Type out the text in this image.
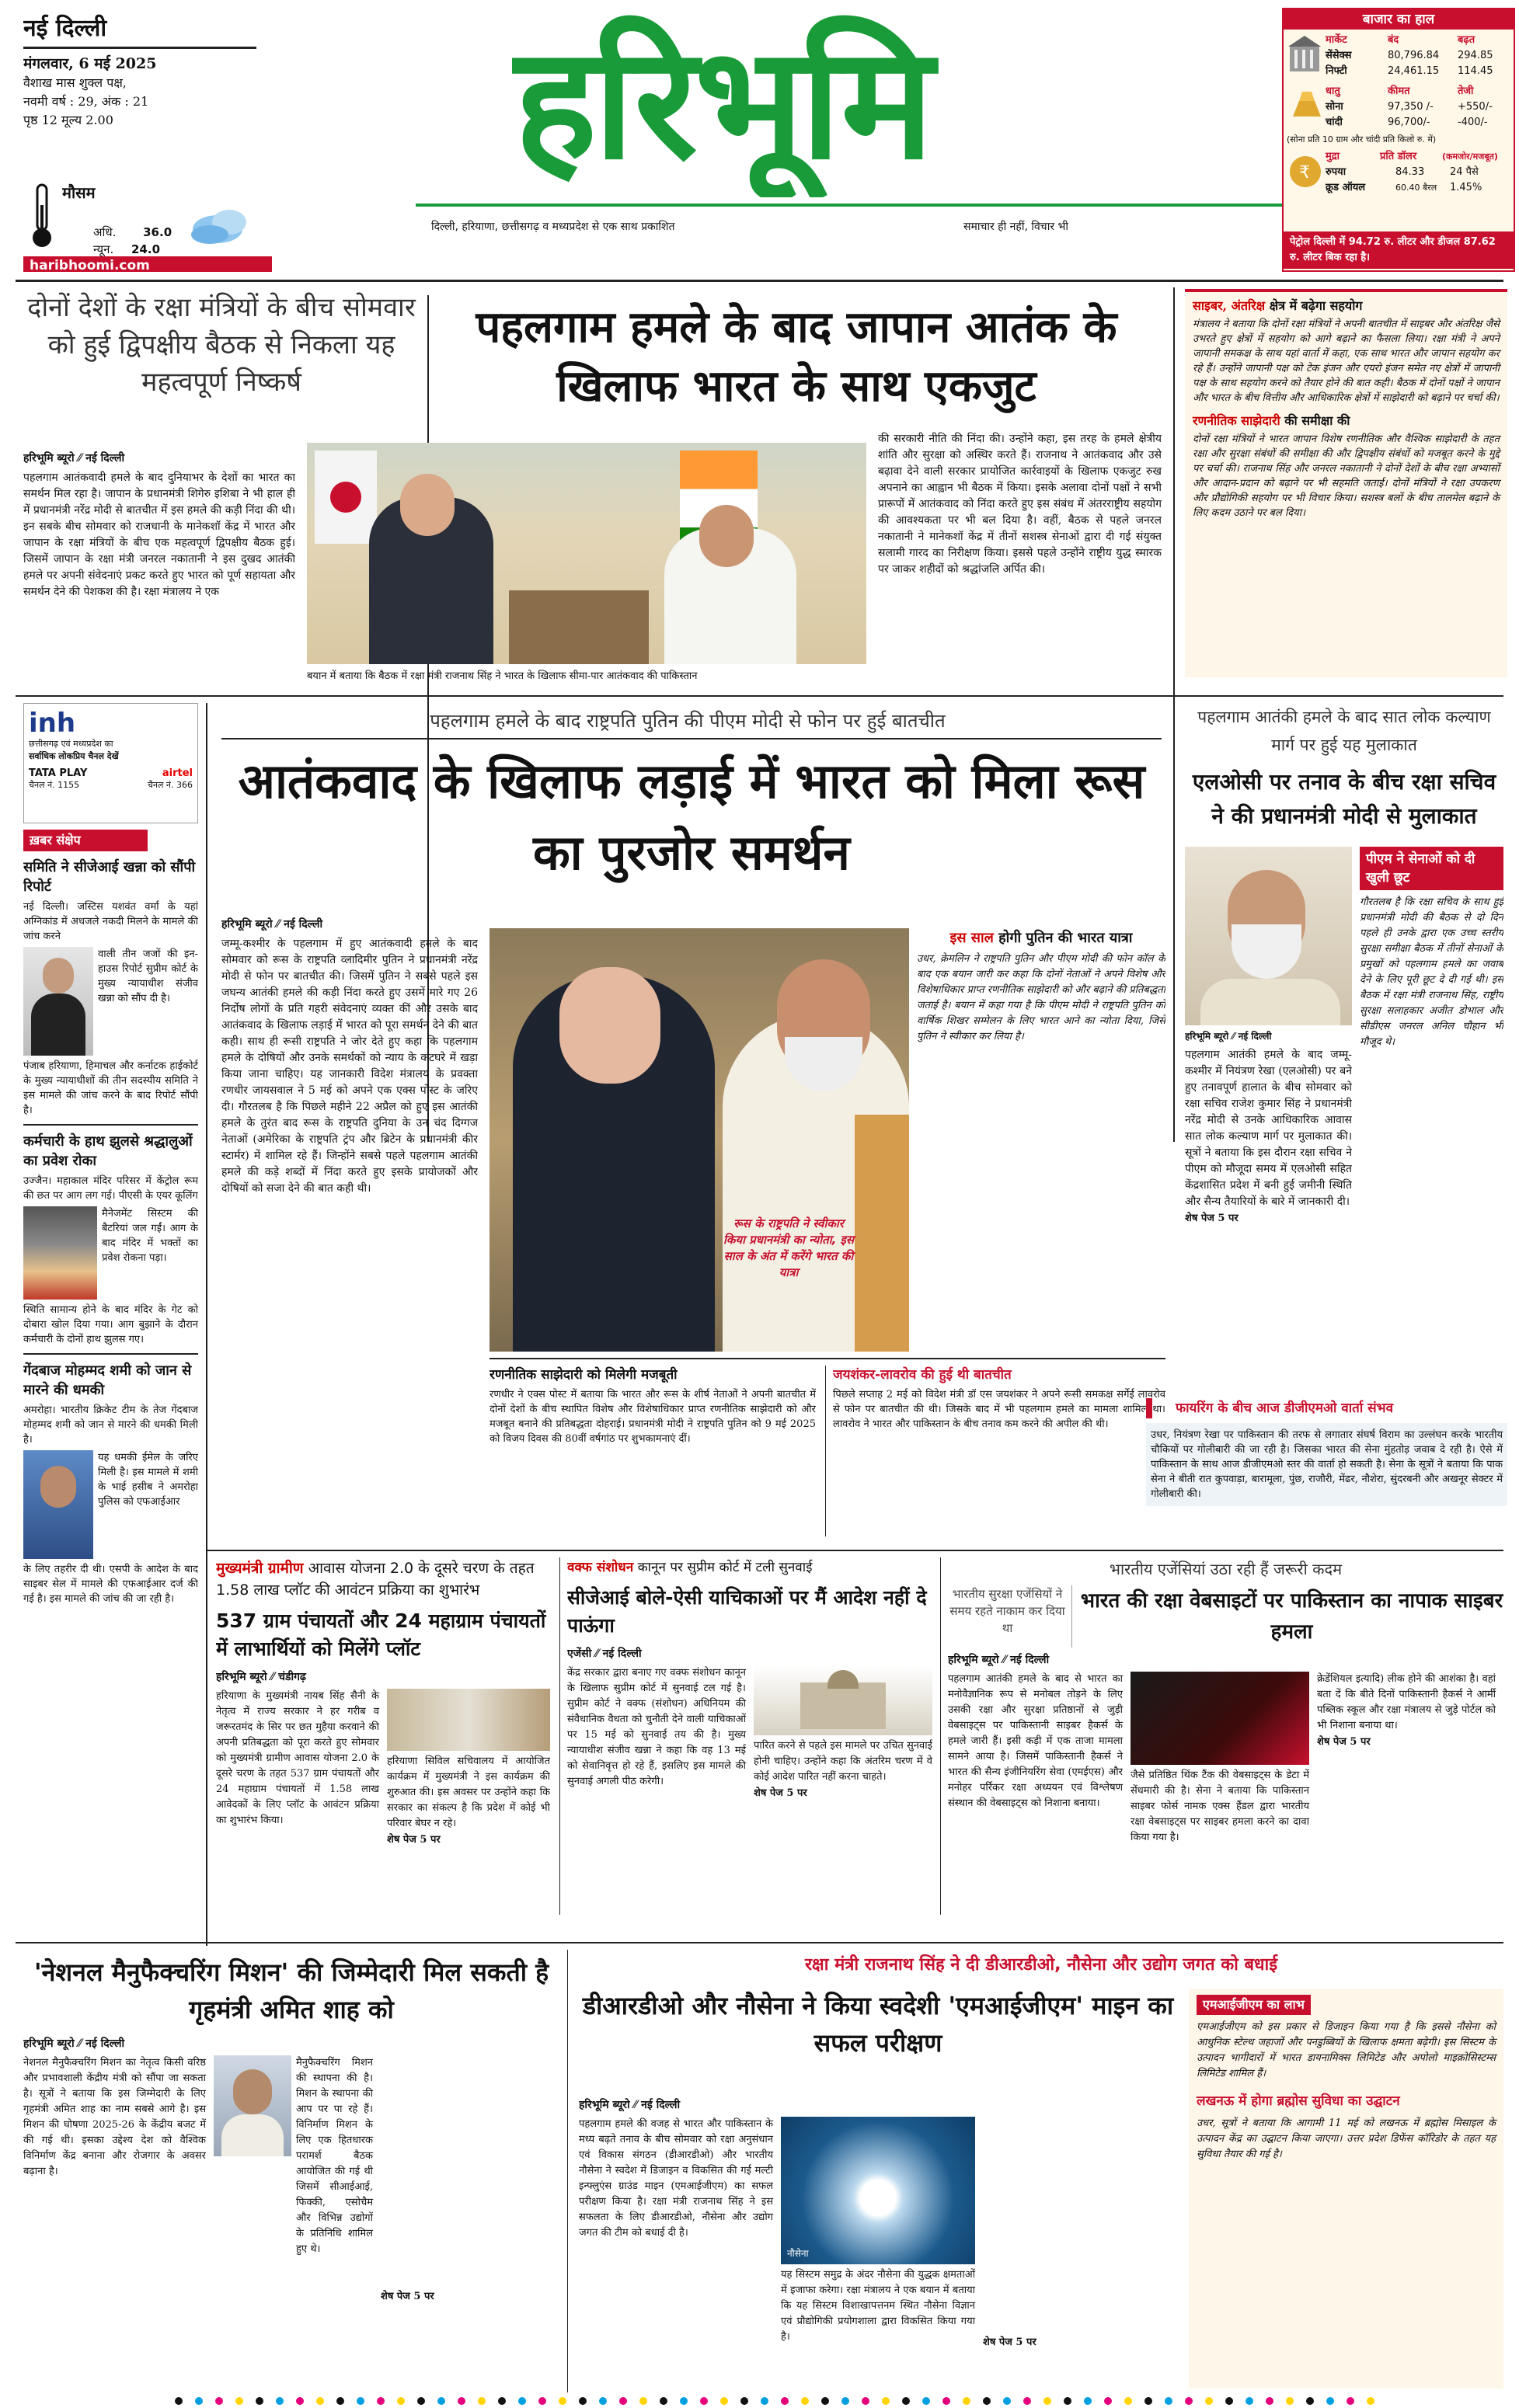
नई दिल्ली
मंगलवार, 6 मई 2025
वैशाख मास शुक्ल पक्ष,
नवमी वर्ष : 29, अंक : 21
पृष्ठ 12 मूल्य 2.00
मौसम
अधि. 36.0
न्यून. 24.0
haribhoomi.com
हरिभूमि
दिल्ली, हरियाणा, छत्तीसगढ़ व मध्यप्रदेश से एक साथ प्रकाशित	समाचार ही नहीं, विचार भी
बाजार का हाल
मार्केट	बंद	बढ़त
सेंसेक्स	80,796.84	294.85
निफ्टी	24,461.15	114.45
धातु	कीमत	तेजी
सोना	97,350 /-	+550/-
चांदी	96,700/-	-400/-
(सोना प्रति 10 ग्राम और चांदी प्रति किलो रु. में)
₹
मुद्रा	प्रति डॉलर	(कमजोर/मजबूत)
रुपया	84.33	24 पैसे
क्रूड ऑयल	60.40 बैरल	1.45%
पेट्रोल दिल्ली में 94.72 रु. लीटर और डीजल 87.62 रु. लीटर बिक रहा है।
दोनों देशों के रक्षा मंत्रियों के बीच सोमवार को हुई द्विपक्षीय बैठक से निकला यह महत्वपूर्ण निष्कर्ष
पहलगाम हमले के बाद जापान आतंक के खिलाफ भारत के साथ एकजुट
हरिभूमि ब्यूरो ⁄⁄ नई दिल्ली
पहलगाम आतंकवादी हमले के बाद दुनियाभर के देशों का भारत का समर्थन मिल रहा है। जापान के प्रधानमंत्री शिगेरु इशिबा ने भी हाल ही में प्रधानमंत्री नरेंद्र मोदी से बातचीत में इस हमले की कड़ी निंदा की थी। इन सबके बीच सोमवार को राजधानी के मानेकशॉ केंद्र में भारत और जापान के रक्षा मंत्रियों के बीच एक महत्वपूर्ण द्विपक्षीय बैठक हुई। जिसमें जापान के रक्षा मंत्री जनरल नकातानी ने इस दुखद आतंकी हमले पर अपनी संवेदनाएं प्रकट करते हुए भारत को पूर्ण सहायता और समर्थन देने की पेशकश की है। रक्षा मंत्रालय ने एक
बयान में बताया कि बैठक में रक्षा मंत्री राजनाथ सिंह ने भारत के खिलाफ सीमा-पार आतंकवाद की पाकिस्तान
की सरकारी नीति की निंदा की। उन्होंने कहा, इस तरह के हमले क्षेत्रीय शांति और सुरक्षा को अस्थिर करते हैं। राजनाथ ने आतंकवाद और उसे बढ़ावा देने वाली सरकार प्रायोजित कार्रवाइयों के खिलाफ एकजुट रुख अपनाने का आह्वान भी बैठक में किया। इसके अलावा दोनों पक्षों ने सभी प्रारूपों में आतंकवाद को निंदा करते हुए इस संबंध में अंतरराष्ट्रीय सहयोग की आवश्यकता पर भी बल दिया है। वहीं, बैठक से पहले जनरल नकातानी ने मानेकशॉ केंद्र में तीनों सशस्त्र सेनाओं द्वारा दी गई संयुक्त सलामी गारद का निरीक्षण किया। इससे पहले उन्होंने राष्ट्रीय युद्ध स्मारक पर जाकर शहीदों को श्रद्धांजलि अर्पित की।
साइबर, अंतरिक्ष क्षेत्र में बढ़ेगा सहयोग
मंत्रालय ने बताया कि दोनों रक्षा मंत्रियों ने अपनी बातचीत में साइबर और अंतरिक्ष जैसे उभरते हुए क्षेत्रों में सहयोग को आगे बढ़ाने का फैसला लिया। रक्षा मंत्री ने अपने जापानी समकक्ष के साथ यहां वार्ता में कहा, एक साथ भारत और जापान सहयोग कर रहे हैं। उन्होंने जापानी पक्ष को टेक इंजन और एयरो इंजन समेत नए क्षेत्रों में जापानी पक्ष के साथ सहयोग करने को तैयार होने की बात कही। बैठक में दोनों पक्षों ने जापान और भारत के बीच वित्तीय और आधिकारिक क्षेत्रों में साझेदारी को बढ़ाने पर चर्चा की।
रणनीतिक साझेदारी की समीक्षा की
दोनों रक्षा मंत्रियों ने भारत जापान विशेष रणनीतिक और वैश्विक साझेदारी के तहत रक्षा और सुरक्षा संबंधों की समीक्षा की और द्विपक्षीय संबंधों को मजबूत करने के मुद्दे पर चर्चा की। राजनाथ सिंह और जनरल नकातानी ने दोनों देशों के बीच रक्षा अभ्यासों और आदान-प्रदान को बढ़ाने पर भी सहमति जताई। दोनों मंत्रियों ने रक्षा उपकरण और प्रौद्योगिकी सहयोग पर भी विचार किया। सशस्त्र बलों के बीच तालमेल बढ़ाने के लिए कदम उठाने पर बल दिया।
inh
छत्तीसगढ़ एवं मध्यप्रदेश का
सर्वाधिक लोकप्रिय चैनल देखें
TATA PLAY	airtel
चैनल नं. 1155	चैनल नं. 366
ख़बर संक्षेप
समिति ने सीजेआई खन्ना को सौंपी रिपोर्ट
नई दिल्ली। जस्टिस यशवंत वर्मा के यहां अग्निकांड में अधजले नकदी मिलने के मामले की जांच करने
वाली तीन जजों की इन-हाउस रिपोर्ट सुप्रीम कोर्ट के मुख्य न्यायाधीश संजीव खन्ना को सौंप दी है।
पंजाब हरियाणा, हिमाचल और कर्नाटक हाईकोर्ट के मुख्य न्यायाधीशों की तीन सदस्यीय समिति ने इस मामले की जांच करने के बाद रिपोर्ट सौंपी है।
कर्मचारी के हाथ झुलसे श्रद्धालुओं का प्रवेश रोका
उज्जैन। महाकाल मंदिर परिसर में केंट्रोल रूम की छत पर आग लग गई। पीएसी के एयर कूलिंग
मैनेजमेंट सिस्टम की बैटरियां जल गईं। आग के बाद मंदिर में भक्तों का प्रवेश रोकना पड़ा।
स्थिति सामान्य होने के बाद मंदिर के गेट को दोबारा खोल दिया गया। आग बुझाने के दौरान कर्मचारी के दोनों हाथ झुलस गए।
गेंदबाज मोहम्मद शमी को जान से मारने की धमकी
अमरोहा। भारतीय क्रिकेट टीम के तेज गेंदबाज मोहम्मद शमी को जान से मारने की धमकी मिली है।
यह धमकी ईमेल के जरिए मिली है। इस मामले में शमी के भाई हसीब ने अमरोहा पुलिस को एफआईआर
के लिए तहरीर दी थी। एसपी के आदेश के बाद साइबर सेल में मामले की एफआईआर दर्ज की गई है। इस मामले की जांच की जा रही है।
पहलगाम हमले के बाद राष्ट्रपति पुतिन की पीएम मोदी से फोन पर हुई बातचीत
आतंकवाद के खिलाफ लड़ाई में भारत को मिला रूस का पुरजोर समर्थन
हरिभूमि ब्यूरो ⁄⁄ नई दिल्ली
जम्मू-कश्मीर के पहलगाम में हुए आतंकवादी हमले के बाद सोमवार को रूस के राष्ट्रपति व्लादिमीर पुतिन ने प्रधानमंत्री नरेंद्र मोदी से फोन पर बातचीत की। जिसमें पुतिन ने सबसे पहले इस जघन्य आतंकी हमले की कड़ी निंदा करते हुए उसमें मारे गए 26 निर्दोष लोगों के प्रति गहरी संवेदनाएं व्यक्त कीं और उसके बाद आतंकवाद के खिलाफ लड़ाई में भारत को पूरा समर्थन देने की बात कही। साथ ही रूसी राष्ट्रपति ने जोर देते हुए कहा कि पहलगाम हमले के दोषियों और उनके समर्थकों को न्याय के कटघरे में खड़ा किया जाना चाहिए। यह जानकारी विदेश मंत्रालय के प्रवक्ता रणधीर जायसवाल ने 5 मई को अपने एक एक्स पोस्ट के जरिए दी। गौरतलब है कि पिछले महीने 22 अप्रैल को हुए इस आतंकी हमले के तुरंत बाद रूस के राष्ट्रपति दुनिया के उन चंद दिग्गज नेताओं (अमेरिका के राष्ट्रपति ट्रंप और ब्रिटेन के प्रधानमंत्री कीर स्टार्मर) में शामिल रहे हैं। जिन्होंने सबसे पहले पहलगाम आतंकी हमले की कड़े शब्दों में निंदा करते हुए इसके प्रायोजकों और दोषियों को सजा देने की बात कही थी।
रूस के राष्ट्रपति ने स्वीकार किया प्रधानमंत्री का न्योता, इस साल के अंत में करेंगे भारत की यात्रा
इस साल होगी पुतिन की भारत यात्रा
उधर, क्रेमलिन ने राष्ट्रपति पुतिन और पीएम मोदी की फोन कॉल के बाद एक बयान जारी कर कहा कि दोनों नेताओं ने अपने विशेष और विशेषाधिकार प्राप्त रणनीतिक साझेदारी को और बढ़ाने की प्रतिबद्धता जताई है। बयान में कहा गया है कि पीएम मोदी ने राष्ट्रपति पुतिन को वार्षिक शिखर सम्मेलन के लिए भारत आने का न्योता दिया, जिसे पुतिन ने स्वीकार कर लिया है।
रणनीतिक साझेदारी को मिलेगी मजबूती
रणधीर ने एक्स पोस्ट में बताया कि भारत और रूस के शीर्ष नेताओं ने अपनी बातचीत में दोनों देशों के बीच स्थापित विशेष और विशेषाधिकार प्राप्त रणनीतिक साझेदारी को और मजबूत बनाने की प्रतिबद्धता दोहराई। प्रधानमंत्री मोदी ने राष्ट्रपति पुतिन को 9 मई 2025 को विजय दिवस की 80वीं वर्षगांठ पर शुभकामनाएं दीं।
जयशंकर-लावरोव की हुई थी बातचीत
पिछले सप्ताह 2 मई को विदेश मंत्री डॉ एस जयशंकर ने अपने रूसी समकक्ष सर्गेई लावरोव से फोन पर बातचीत की थी। जिसके बाद में भी पहलगाम हमले का मामला शामिल था। लावरोव ने भारत और पाकिस्तान के बीच तनाव कम करने की अपील की थी।
पहलगाम आतंकी हमले के बाद सात लोक कल्याण मार्ग पर हुई यह मुलाकात
एलओसी पर तनाव के बीच रक्षा सचिव ने की प्रधानमंत्री मोदी से मुलाकात
पीएम ने सेनाओं को दी खुली छूट
गौरतलब है कि रक्षा सचिव के साथ हुई प्रधानमंत्री मोदी की बैठक से दो दिन पहले ही उनके द्वारा एक उच्च स्तरीय सुरक्षा समीक्षा बैठक में तीनों सेनाओं के प्रमुखों को पहलगाम हमले का जवाब देने के लिए पूरी छूट दे दी गई थी। इस बैठक में रक्षा मंत्री राजनाथ सिंह, राष्ट्रीय सुरक्षा सलाहकार अजीत डोभाल और सीडीएस जनरल अनिल चौहान भी मौजूद थे।
हरिभूमि ब्यूरो ⁄⁄ नई दिल्ली
पहलगाम आतंकी हमले के बाद जम्मू-कश्मीर में नियंत्रण रेखा (एलओसी) पर बने हुए तनावपूर्ण हालात के बीच सोमवार को रक्षा सचिव राजेश कुमार सिंह ने प्रधानमंत्री नरेंद्र मोदी से उनके आधिकारिक आवास सात लोक कल्याण मार्ग पर मुलाकात की। सूत्रों ने बताया कि इस दौरान रक्षा सचिव ने पीएम को मौजूदा समय में एलओसी सहित केंद्रशासित प्रदेश में बनी हुई जमीनी स्थिति और सैन्य तैयारियों के बारे में जानकारी दी।
शेष पेज 5 पर
फायरिंग के बीच आज डीजीएमओ वार्ता संभव
उधर, नियंत्रण रेखा पर पाकिस्तान की तरफ से लगातार संघर्ष विराम का उल्लंघन करके भारतीय चौकियों पर गोलीबारी की जा रही है। जिसका भारत की सेना मुंहतोड़ जवाब दे रही है। ऐसे में पाकिस्तान के साथ आज डीजीएमओ स्तर की वार्ता हो सकती है। सेना के सूत्रों ने बताया कि पाक सेना ने बीती रात कुपवाड़ा, बारामूला, पुंछ, राजौरी, मेंढर, नौशेरा, सुंदरबनी और अखनूर सेक्टर में गोलीबारी की।
मुख्यमंत्री ग्रामीण आवास योजना 2.0 के दूसरे चरण के तहत 1.58 लाख प्लॉट की आवंटन प्रक्रिया का शुभारंभ
537 ग्राम पंचायतों और 24 महाग्राम पंचायतों में लाभार्थियों को मिलेंगे प्लॉट
हरिभूमि ब्यूरो ⁄⁄ चंडीगढ़
हरियाणा के मुख्यमंत्री नायब सिंह सैनी के नेतृत्व में राज्य सरकार ने हर गरीब व जरूरतमंद के सिर पर छत मुहैया करवाने की अपनी प्रतिबद्धता को पूरा करते हुए सोमवार को मुख्यमंत्री ग्रामीण आवास योजना 2.0 के दूसरे चरण के तहत 537 ग्राम पंचायतों और 24 महाग्राम पंचायतों में 1.58 लाख आवेदकों के लिए प्लॉट के आवंटन प्रक्रिया का शुभारंभ किया।
हरियाणा सिविल सचिवालय में आयोजित कार्यक्रम में मुख्यमंत्री ने इस कार्यक्रम की शुरुआत की। इस अवसर पर उन्होंने कहा कि सरकार का संकल्प है कि प्रदेश में कोई भी परिवार बेघर न रहे।
शेष पेज 5 पर
वक्फ संशोधन कानून पर सुप्रीम कोर्ट में टली सुनवाई
सीजेआई बोले-ऐसी याचिकाओं पर मैं आदेश नहीं दे पाऊंगा
एजेंसी ⁄⁄ नई दिल्ली
केंद्र सरकार द्वारा बनाए गए वक्फ संशोधन कानून के खिलाफ सुप्रीम कोर्ट में सुनवाई टल गई है। सुप्रीम कोर्ट ने वक्फ (संशोधन) अधिनियम की संवैधानिक वैधता को चुनौती देने वाली याचिकाओं पर 15 मई को सुनवाई तय की है। मुख्य न्यायाधीश संजीव खन्ना ने कहा कि वह 13 मई को सेवानिवृत्त हो रहे हैं, इसलिए इस मामले की सुनवाई अगली पीठ करेगी।
पारित करने से पहले इस मामले पर उचित सुनवाई होनी चाहिए। उन्होंने कहा कि अंतरिम चरण में वे कोई आदेश पारित नहीं करना चाहते।
शेष पेज 5 पर
भारतीय एजेंसियां उठा रही हैं जरूरी कदम
भारतीय सुरक्षा एजेंसियों ने समय रहते नाकाम कर दिया था
भारत की रक्षा वेबसाइटों पर पाकिस्तान का नापाक साइबर हमला
हरिभूमि ब्यूरो ⁄⁄ नई दिल्ली
पहलगाम आतंकी हमले के बाद से भारत का मनोवैज्ञानिक रूप से मनोबल तोड़ने के लिए उसकी रक्षा और सुरक्षा प्रतिष्ठानों से जुड़ी वेबसाइट्स पर पाकिस्तानी साइबर हैकर्स के हमले जारी हैं। इसी कड़ी में एक ताजा मामला सामने आया है। जिसमें पाकिस्तानी हैकर्स ने भारत की सैन्य इंजीनियरिंग सेवा (एमईएस) और मनोहर पर्रिकर रक्षा अध्ययन एवं विश्लेषण संस्थान की वेबसाइट्स को निशाना बनाया।
जैसे प्रतिष्ठित थिंक टैंक की वेबसाइट्स के डेटा में सेंधमारी की है। सेना ने बताया कि पाकिस्तान साइबर फोर्स नामक एक्स हैंडल द्वारा भारतीय रक्षा वेबसाइट्स पर साइबर हमला करने का दावा किया गया है।
क्रेडेंशियल इत्यादि) लीक होने की आशंका है। वहां बता दें कि बीते दिनों पाकिस्तानी हैकर्स ने आर्मी पब्लिक स्कूल और रक्षा मंत्रालय से जुड़े पोर्टल को भी निशाना बनाया था।
शेष पेज 5 पर
'नेशनल मैनुफैक्चरिंग मिशन' की जिम्मेदारी मिल सकती है गृहमंत्री अमित शाह को
हरिभूमि ब्यूरो ⁄⁄ नई दिल्ली
नेशनल मैनुफैक्चरिंग मिशन का नेतृत्व किसी वरिष्ठ और प्रभावशाली केंद्रीय मंत्री को सौंपा जा सकता है। सूत्रों ने बताया कि इस जिम्मेदारी के लिए गृहमंत्री अमित शाह का नाम सबसे आगे है। इस मिशन की घोषणा 2025-26 के केंद्रीय बजट में की गई थी। इसका उद्देश्य देश को वैश्विक विनिर्माण केंद्र बनाना और रोजगार के अवसर बढ़ाना है।
मैनुफैक्चरिंग मिशन की स्थापना की है। मिशन के स्थापना की आप पर पा रहे हैं। विनिर्माण मिशन के लिए एक हितधारक परामर्श बैठक आयोजित की गई थी जिसमें सीआईआई, फिक्की, एसोचैम और विभिन्न उद्योगों के प्रतिनिधि शामिल हुए थे।
शेष पेज 5 पर
रक्षा मंत्री राजनाथ सिंह ने दी डीआरडीओ, नौसेना और उद्योग जगत को बधाई
डीआरडीओ और नौसेना ने किया स्वदेशी 'एमआईजीएम' माइन का सफल परीक्षण
हरिभूमि ब्यूरो ⁄⁄ नई दिल्ली
पहलगाम हमले की वजह से भारत और पाकिस्तान के मध्य बढ़ते तनाव के बीच सोमवार को रक्षा अनुसंधान एवं विकास संगठन (डीआरडीओ) और भारतीय नौसेना ने स्वदेश में डिजाइन व विकसित की गई मल्टी इन्फ्लुएंस ग्राउंड माइन (एमआईजीएम) का सफल परीक्षण किया है। रक्षा मंत्री राजनाथ सिंह ने इस सफलता के लिए डीआरडीओ, नौसेना और उद्योग जगत की टीम को बधाई दी है।
नौसेना
यह सिस्टम समुद्र के अंदर नौसेना की युद्धक क्षमताओं में इजाफा करेगा। रक्षा मंत्रालय ने एक बयान में बताया कि यह सिस्टम विशाखापत्तनम स्थित नौसेना विज्ञान एवं प्रौद्योगिकी प्रयोगशाला द्वारा विकसित किया गया है।	शेष पेज 5 पर
एमआईजीएम का लाभ
एमआईजीएम को इस प्रकार से डिजाइन किया गया है कि इससे नौसेना को आधुनिक स्टेल्थ जहाजों और पनडुब्बियों के खिलाफ क्षमता बढ़ेगी। इस सिस्टम के उत्पादन भागीदारों में भारत डायनामिक्स लिमिटेड और अपोलो माइक्रोसिस्टम्स लिमिटेड शामिल हैं।
लखनऊ में होगा ब्रह्मोस सुविधा का उद्घाटन
उधर, सूत्रों ने बताया कि आगामी 11 मई को लखनऊ में ब्रह्मोस मिसाइल के उत्पादन केंद्र का उद्घाटन किया जाएगा। उत्तर प्रदेश डिफेंस कॉरिडोर के तहत यह सुविधा तैयार की गई है।
